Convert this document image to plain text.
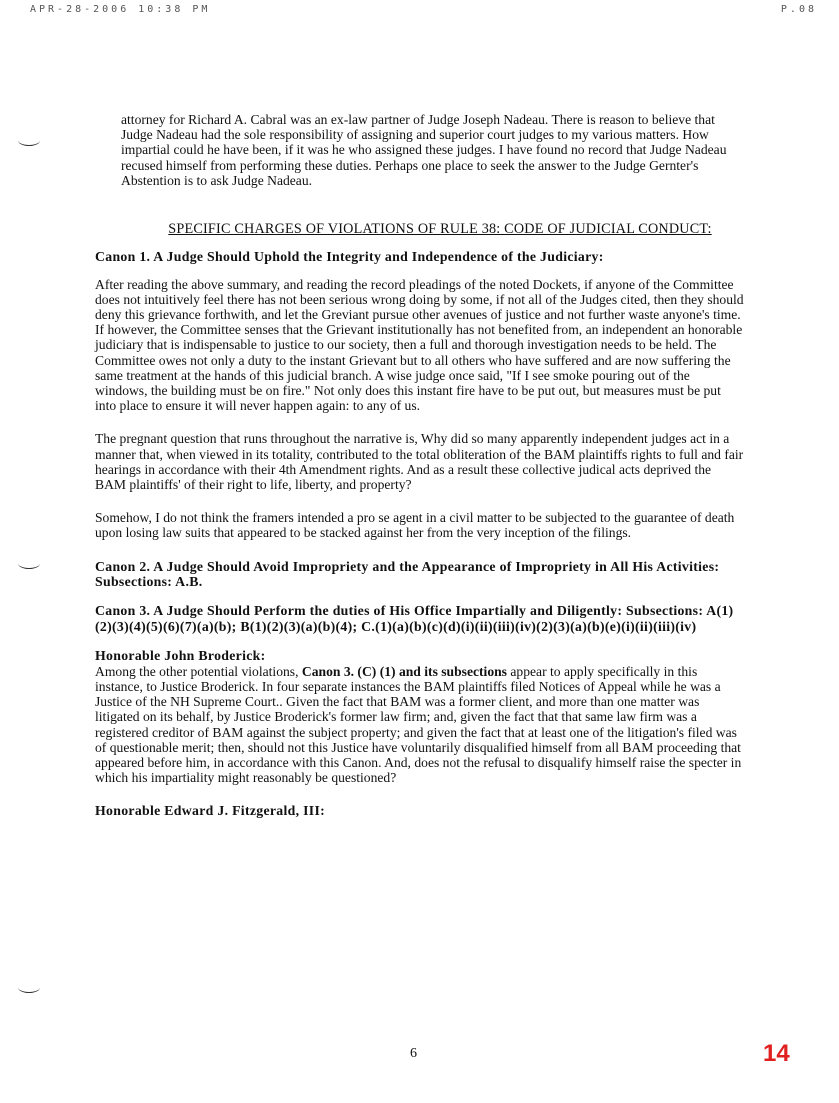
APR-28-2006 10:38 PM	P.08

attorney for Richard A. Cabral was an ex-law partner of Judge Joseph Nadeau. There is reason to believe that Judge Nadeau had the sole responsibility of assigning and superior court judges to my various matters. How impartial could he have been, if it was he who assigned these judges. I have found no record that Judge Nadeau recused himself from performing these duties. Perhaps one place to seek the answer to the Judge Gernter's Abstention is to ask Judge Nadeau.

SPECIFIC CHARGES OF VIOLATIONS OF RULE 38: CODE OF JUDICIAL CONDUCT:

Canon 1. A Judge Should Uphold the Integrity and Independence of the Judiciary:

After reading the above summary, and reading the record pleadings of the noted Dockets, if anyone of the Committee does not intuitively feel there has not been serious wrong doing by some, if not all of the Judges cited, then they should deny this grievance forthwith, and let the Greviant pursue other avenues of justice and not further waste anyone's time. If however, the Committee senses that the Grievant institutionally has not benefited from, an independent an honorable judiciary that is indispensable to justice to our society, then a full and thorough investigation needs to be held. The Committee owes not only a duty to the instant Grievant but to all others who have suffered and are now suffering the same treatment at the hands of this judicial branch. A wise judge once said, "If I see smoke pouring out of the windows, the building must be on fire." Not only does this instant fire have to be put out, but measures must be put into place to ensure it will never happen again: to any of us.

The pregnant question that runs throughout the narrative is, Why did so many apparently independent judges act in a manner that, when viewed in its totality, contributed to the total obliteration of the BAM plaintiffs rights to full and fair hearings in accordance with their 4th Amendment rights. And as a result these collective judical acts deprived the BAM plaintiffs' of their right to life, liberty, and property?

Somehow, I do not think the framers intended a pro se agent in a civil matter to be subjected to the guarantee of death upon losing law suits that appeared to be stacked against her from the very inception of the filings.

Canon 2. A Judge Should Avoid Impropriety and the Appearance of Impropriety in All His Activities: Subsections: A.B.
Canon 3. A Judge Should Perform the duties of His Office Impartially and Diligently: Subsections: A(1)(2)(3)(4)(5)(6)(7)(a)(b); B(1)(2)(3)(a)(b)(4); C.(1)(a)(b)(c)(d)(i)(ii)(iii)(iv)(2)(3)(a)(b)(e)(i)(ii)(iii)(iv)
Honorable John Broderick:

Among the other potential violations, Canon 3. (C) (1) and its subsections appear to apply specifically in this instance, to Justice Broderick. In four separate instances the BAM plaintiffs filed Notices of Appeal while he was a Justice of the NH Supreme Court.. Given the fact that BAM was a former client, and more than one matter was litigated on its behalf, by Justice Broderick's former law firm; and, given the fact that that same law firm was a registered creditor of BAM against the subject property; and given the fact that at least one of the litigation's filed was of questionable merit; then, should not this Justice have voluntarily disqualified himself from all BAM proceeding that appeared before him, in accordance with this Canon. And, does not the refusal to disqualify himself raise the specter in which his impartiality might reasonably be questioned?

Honorable Edward J. Fitzgerald, III:
6	14
